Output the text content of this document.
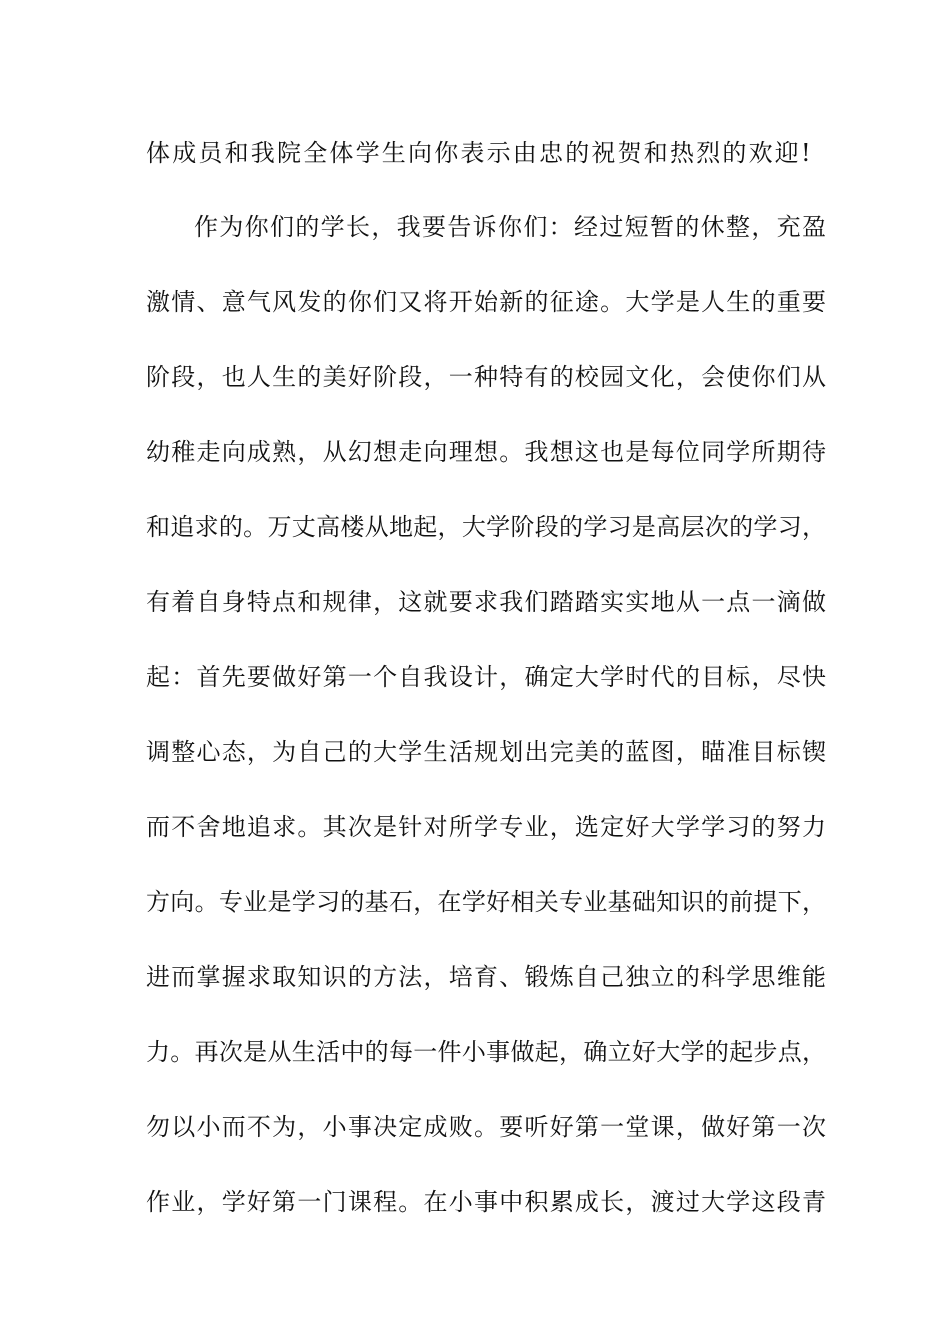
体成员和我院全体学生向你表示由忠的祝贺和热烈的欢迎!
作为你们的学长，我要告诉你们：经过短暂的休整，充盈
激情、意气风发的你们又将开始新的征途。大学是人生的重要
阶段，也人生的美好阶段，一种特有的校园文化，会使你们从
幼稚走向成熟，从幻想走向理想。我想这也是每位同学所期待
和追求的。万丈高楼从地起，大学阶段的学习是高层次的学习，
有着自身特点和规律，这就要求我们踏踏实实地从一点一滴做
起：首先要做好第一个自我设计，确定大学时代的目标，尽快
调整心态，为自己的大学生活规划出完美的蓝图，瞄准目标锲
而不舍地追求。其次是针对所学专业，选定好大学学习的努力
方向。专业是学习的基石，在学好相关专业基础知识的前提下，
进而掌握求取知识的方法，培育、锻炼自己独立的科学思维能
力。再次是从生活中的每一件小事做起，确立好大学的起步点，
勿以小而不为，小事决定成败。要听好第一堂课，做好第一次
作业，学好第一门课程。在小事中积累成长，渡过大学这段青
